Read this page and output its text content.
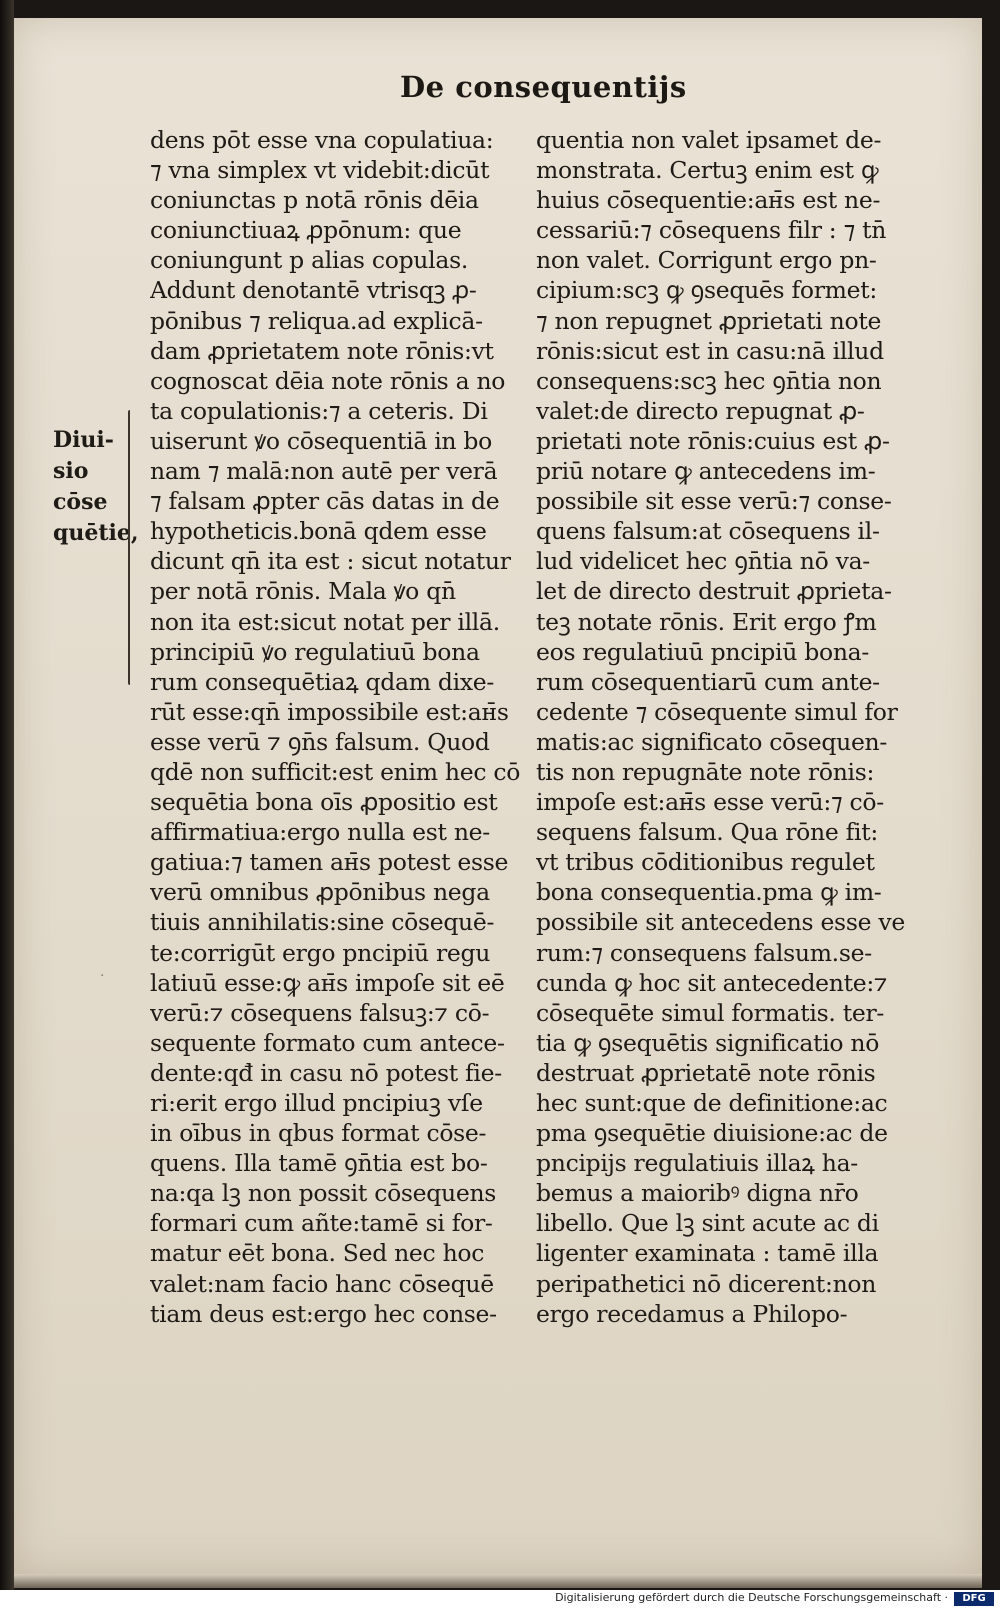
De consequentijs
Diui-
sio cōse
quētie,
·
dens pōt esse vna copulatiua:
⁊ vna simplex vt videbit:dicūt
coniunctas p notā rōnis dēia
coniunctiuaꝝ ꝓpōnum: que
coniungunt p alias copulas.
Addunt denotantē vtrisqꝫ ꝓ-
pōnibus ⁊ reliqua.ad explicā-
dam ꝓprietatem note rōnis:vt
cognoscat dēia note rōnis a no
ta copulationis:⁊ a ceteris. Di
uiserunt ꝟo cōsequentiā in bo
nam ⁊ malā:non autē per verā
⁊ falsam ꝓpter cās datas in de
hypotheticis.bonā qdem esse
dicunt qn̄ ita est : sicut notatur
per notā rōnis. Mala ꝟo qn̄
non ita est:sicut notat per illā.
principiū ꝟo regulatiuū bona
rum consequētiaꝝ qdam dixe-
rūt esse:qn̄ impossibile est:aн̄s
esse verū ⁊ ꝯn̄s falsum. Quod
qdē non sufficit:est enim hec cō
sequētia bona oīs ꝓpositio est
affirmatiua:ergo nulla est ne-
gatiua:⁊ tamen aн̄s potest esse
verū omnibus ꝓpōnibus nega
tiuis annihilatis:sine cōsequē-
te:corrigūt ergo pncipiū regu
latiuū esse:ꝙ aн̄s impoſe sit eē
verū:⁊ cōsequens falsuꝫ:⁊ cō-
sequente formato cum antece-
dente:qđ in casu nō potest fie-
ri:erit ergo illud pncipiuꝫ vſe
in oībus in qbus format cōse-
quens. Illa tamē ꝯn̄tia est bo-
na:qa lꝫ non possit cōsequens
formari cum añte:tamē si for-
matur eēt bona. Sed nec hoc
valet:nam facio hanc cōsequē
tiam deus est:ergo hec conse-
quentia non valet ipsamet de-
monstrata. Certuꝫ enim est ꝙ
huius cōsequentie:aн̄s est ne-
cessariū:⁊ cōsequens filr : ⁊ tn̄
non valet. Corrigunt ergo pn-
cipium:scꝫ ꝙ ꝯsequēs formet:
⁊ non repugnet ꝓprietati note
rōnis:sicut est in casu:nā illud
consequens:scꝫ hec ꝯn̄tia non
valet:de directo repugnat ꝓ-
prietati note rōnis:cuius est ꝓ-
priū notare ꝙ antecedens im-
possibile sit esse verū:⁊ conse-
quens falsum:at cōsequens il-
lud videlicet hec ꝯn̄tia nō va-
let de directo destruit ꝓprieta-
teꝫ notate rōnis. Erit ergo ꝭm
eos regulatiuū pncipiū bona-
rum cōsequentiarū cum ante-
cedente ⁊ cōsequente simul for
matis:ac significato cōsequen-
tis non repugnāte note rōnis:
impoſe est:aн̄s esse verū:⁊ cō-
sequens falsum. Qua rōne fit:
vt tribus cōditionibus regulet
bona consequentia.pma ꝙ im-
possibile sit antecedens esse ve
rum:⁊ consequens falsum.se-
cunda ꝙ hoc sit antecedente:⁊
cōsequēte simul formatis. ter-
tia ꝙ ꝯsequētis significatio nō
destruat ꝓprietatē note rōnis
hec sunt:que de definitione:ac
pma ꝯsequētie diuisione:ac de
pncipijs regulatiuis illaꝝ ha-
bemus a maioribꝰ digna nr̄o
libello. Que lꝫ sint acute ac di
ligenter examinata : tamē illa
peripathetici nō dicerent:non
ergo recedamus a Philopo-
Digitalisierung gefördert durch die Deutsche Forschungsgemeinschaft ·	DFG
